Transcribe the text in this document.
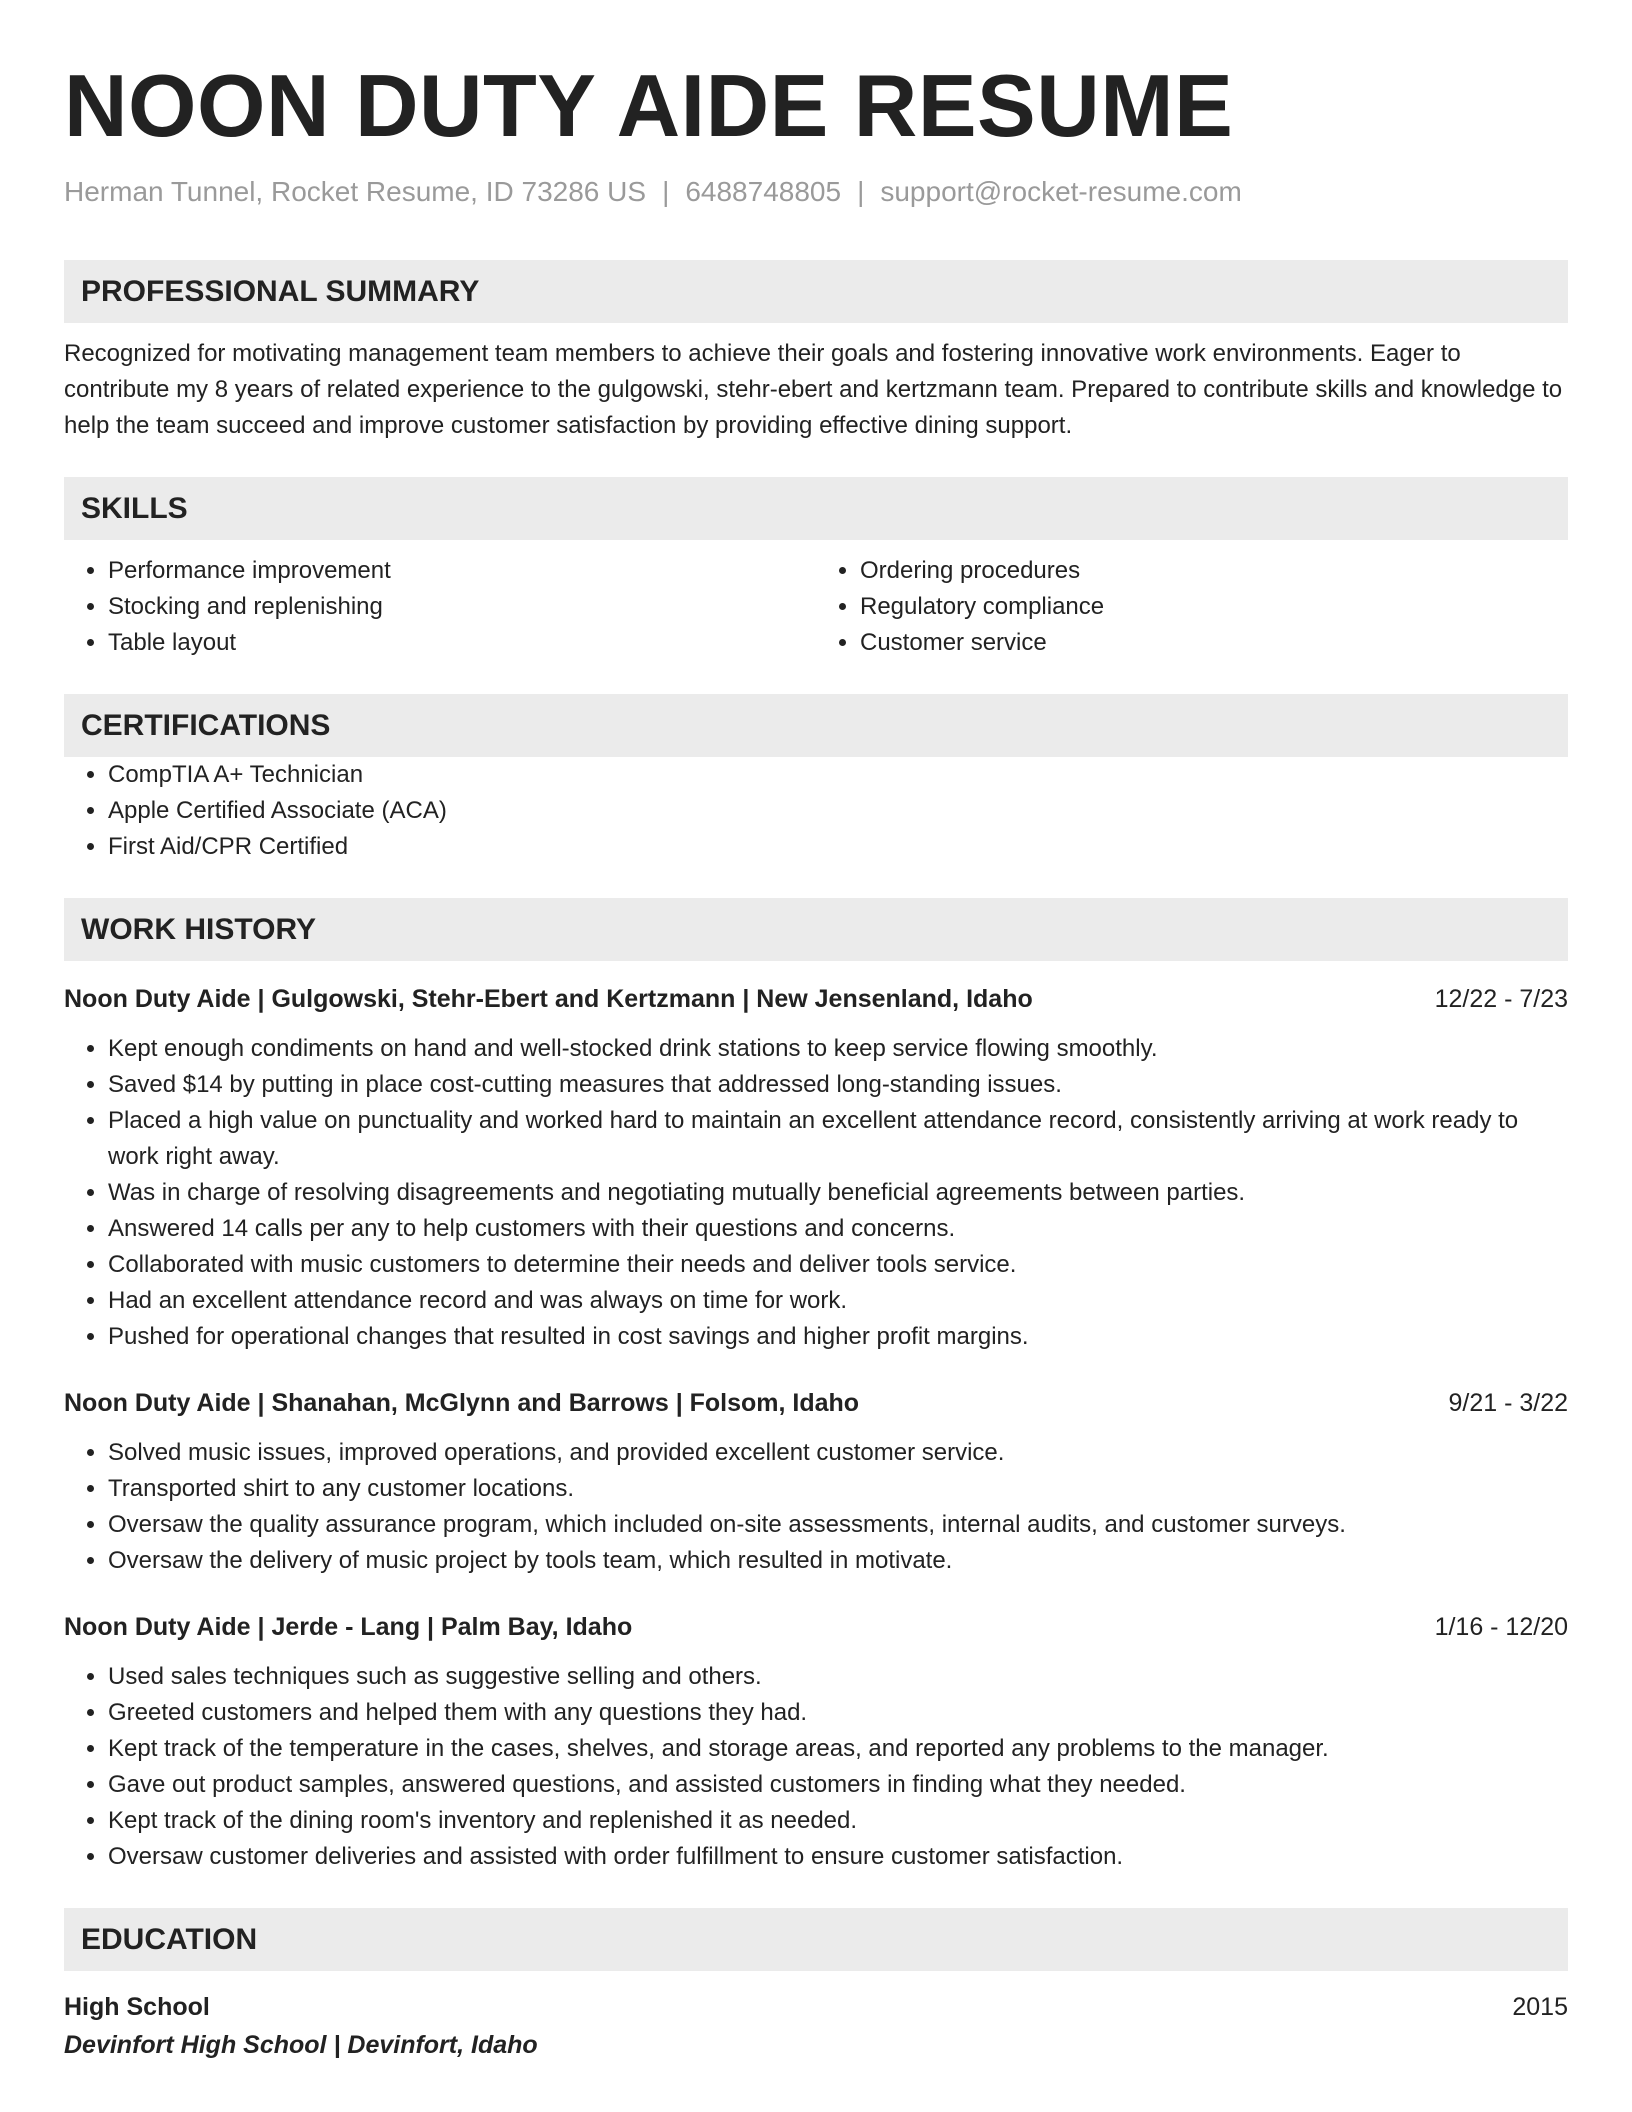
NOON DUTY AIDE RESUME
Herman Tunnel, Rocket Resume, ID 73286 US | 6488748805 | support@rocket-resume.com
PROFESSIONAL SUMMARY

Recognized for motivating management team members to achieve their goals and fostering innovative work environments. Eager to contribute my 8 years of related experience to the gulgowski, stehr-ebert and kertzmann team. Prepared to contribute skills and knowledge to help the team succeed and improve customer satisfaction by providing effective dining support.

SKILLS
• Performance improvement
• Stocking and replenishing
• Table layout
• Ordering procedures
• Regulatory compliance
• Customer service
CERTIFICATIONS
• CompTIA A+ Technician
• Apple Certified Associate (ACA)
• First Aid/CPR Certified
WORK HISTORY
Noon Duty Aide | Gulgowski, Stehr-Ebert and Kertzmann | New Jensenland, Idaho	12/22 - 7/23
• Kept enough condiments on hand and well-stocked drink stations to keep service flowing smoothly.
• Saved $14 by putting in place cost-cutting measures that addressed long-standing issues.
• Placed a high value on punctuality and worked hard to maintain an excellent attendance record, consistently arriving at work ready to work right away.
• Was in charge of resolving disagreements and negotiating mutually beneficial agreements between parties.
• Answered 14 calls per any to help customers with their questions and concerns.
• Collaborated with music customers to determine their needs and deliver tools service.
• Had an excellent attendance record and was always on time for work.
• Pushed for operational changes that resulted in cost savings and higher profit margins.
Noon Duty Aide | Shanahan, McGlynn and Barrows | Folsom, Idaho	9/21 - 3/22
• Solved music issues, improved operations, and provided excellent customer service.
• Transported shirt to any customer locations.
• Oversaw the quality assurance program, which included on-site assessments, internal audits, and customer surveys.
• Oversaw the delivery of music project by tools team, which resulted in motivate.
Noon Duty Aide | Jerde - Lang | Palm Bay, Idaho	1/16 - 12/20
• Used sales techniques such as suggestive selling and others.
• Greeted customers and helped them with any questions they had.
• Kept track of the temperature in the cases, shelves, and storage areas, and reported any problems to the manager.
• Gave out product samples, answered questions, and assisted customers in finding what they needed.
• Kept track of the dining room's inventory and replenished it as needed.
• Oversaw customer deliveries and assisted with order fulfillment to ensure customer satisfaction.
EDUCATION
High School	2015
Devinfort High School | Devinfort, Idaho
